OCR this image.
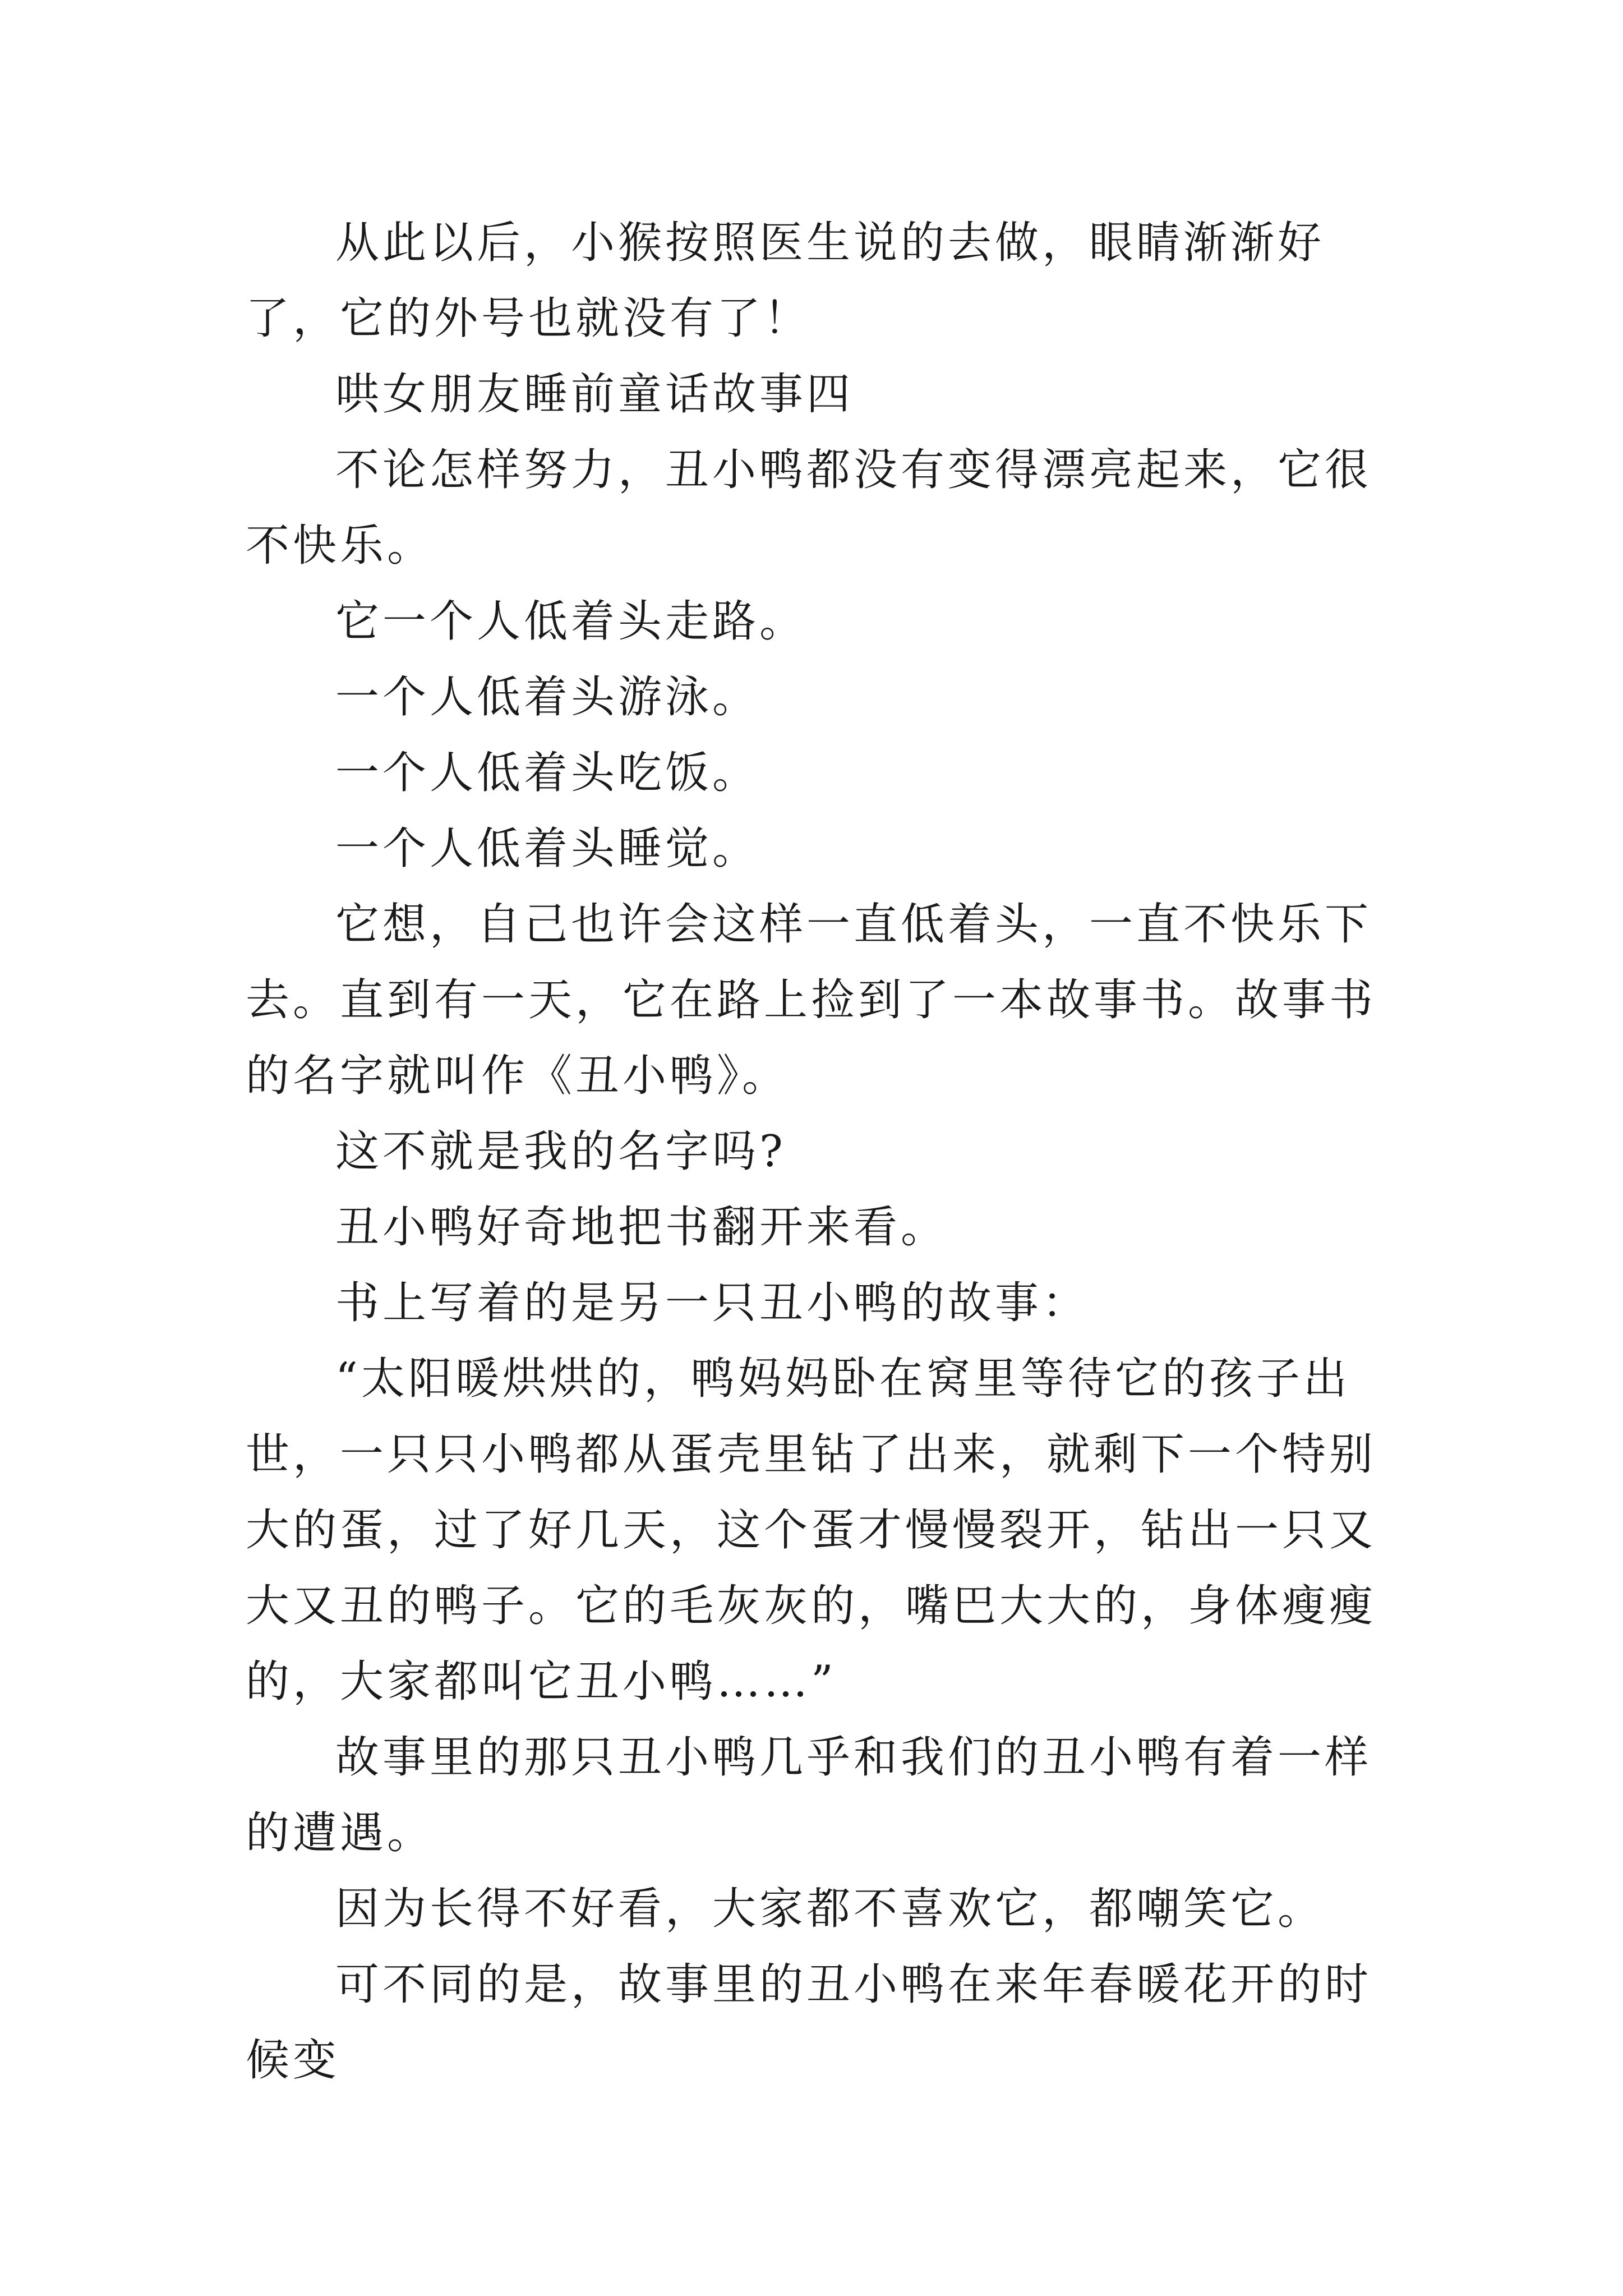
从此以后，小猴按照医生说的去做，眼睛渐渐好了，它的外号也就没有了！

哄女朋友睡前童话故事四

不论怎样努力，丑小鸭都没有变得漂亮起来，它很不快乐。

它一个人低着头走路。

一个人低着头游泳。

一个人低着头吃饭。

一个人低着头睡觉。

它想，自己也许会这样一直低着头，一直不快乐下去。直到有一天，它在路上捡到了一本故事书。故事书的名字就叫作《丑小鸭》。

这不就是我的名字吗?

丑小鸭好奇地把书翻开来看。

书上写着的是另一只丑小鸭的故事：

“太阳暖烘烘的，鸭妈妈卧在窝里等待它的孩子出世，一只只小鸭都从蛋壳里钻了出来，就剩下一个特别大的蛋，过了好几天，这个蛋才慢慢裂开，钻出一只又大又丑的鸭子。它的毛灰灰的，嘴巴大大的，身体瘦瘦的，大家都叫它丑小鸭……”

故事里的那只丑小鸭几乎和我们的丑小鸭有着一样的遭遇。

因为长得不好看，大家都不喜欢它，都嘲笑它。

可不同的是，故事里的丑小鸭在来年春暖花开的时候变
